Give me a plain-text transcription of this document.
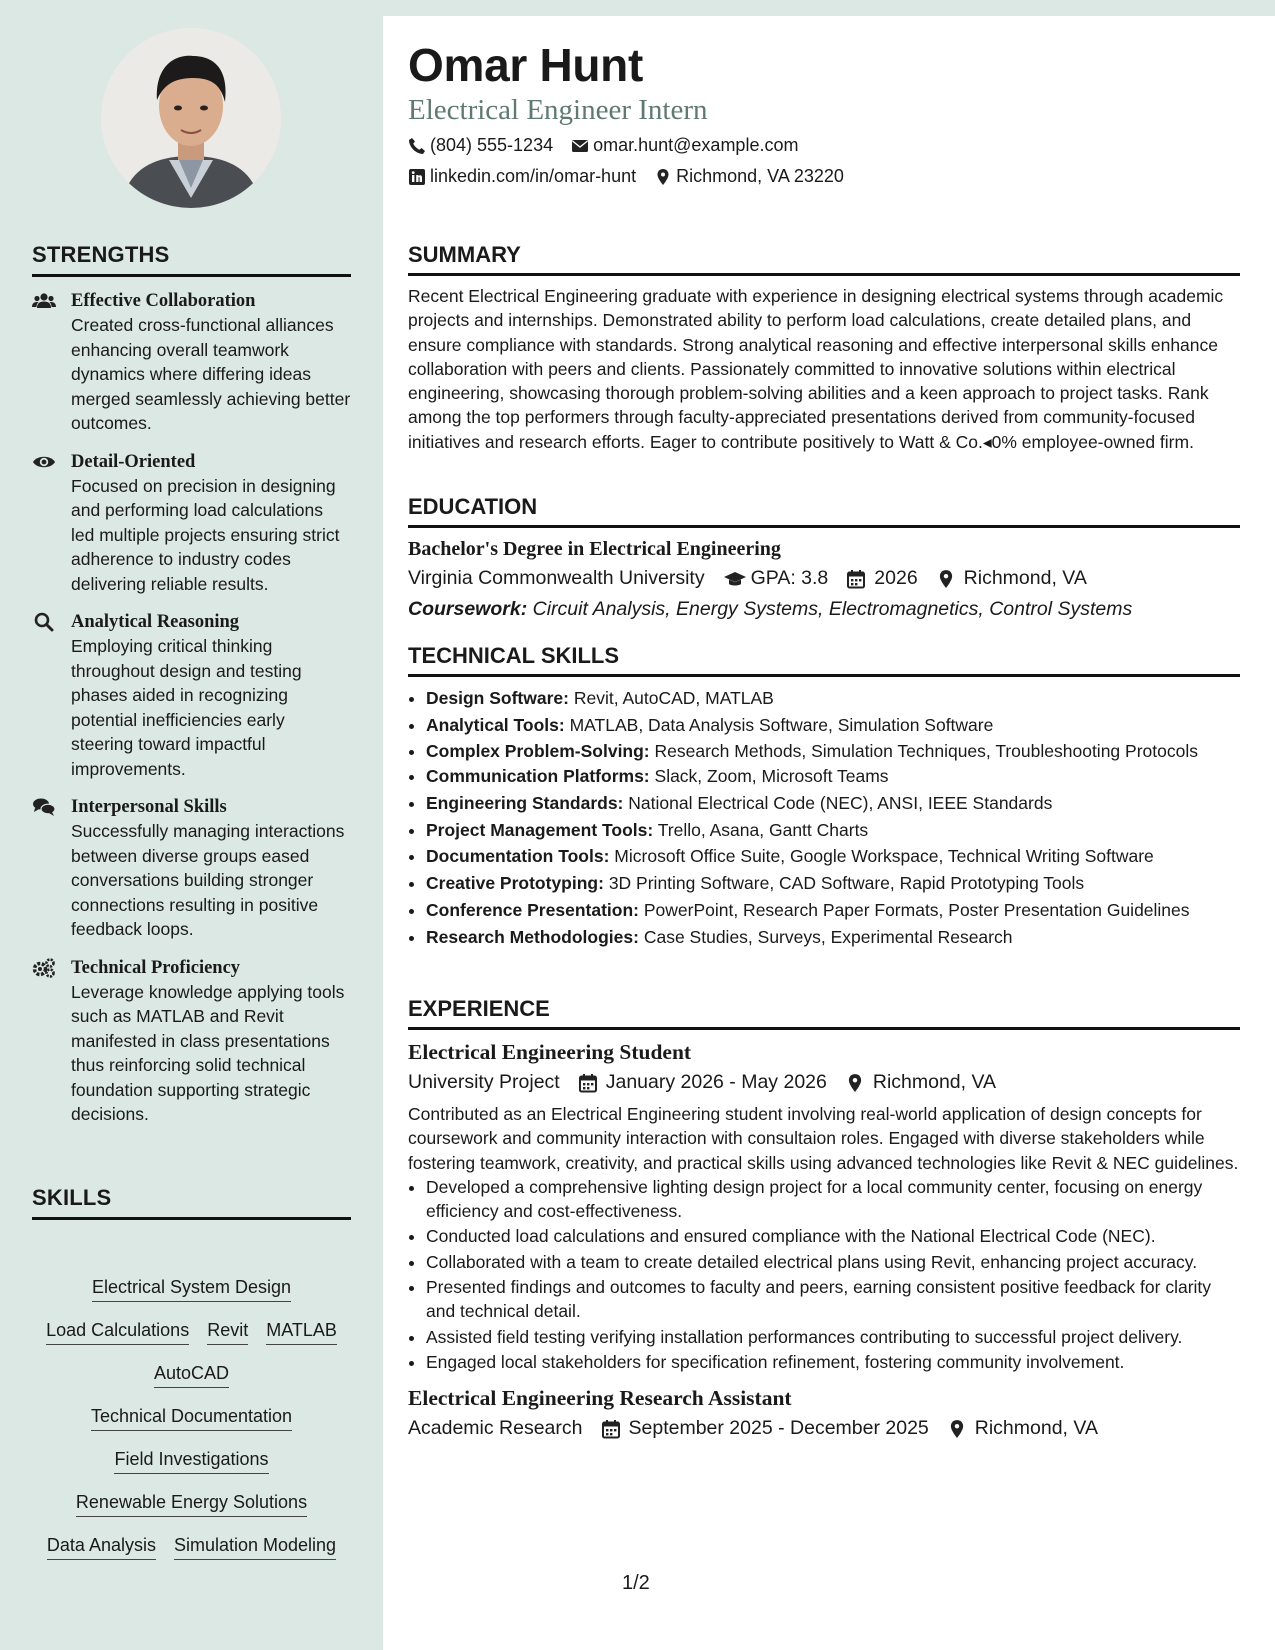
STRENGTHS
Effective Collaboration
Created cross-functional alliances enhancing overall teamwork dynamics where differing ideas merged seamlessly achieving better outcomes.
Detail-Oriented
Focused on precision in designing and performing load calculations led multiple projects ensuring strict adherence to industry codes delivering reliable results.
Analytical Reasoning
Employing critical thinking throughout design and testing phases aided in recognizing potential inefficiencies early steering toward impactful improvements.
Interpersonal Skills
Successfully managing interactions between diverse groups eased conversations building stronger connections resulting in positive feedback loops.
Technical Proficiency
Leverage knowledge applying tools such as MATLAB and Revit manifested in class presentations thus reinforcing solid technical foundation supporting strategic decisions.
SKILLS
Electrical System Design
Load Calculations Revit MATLAB
AutoCAD
Technical Documentation
Field Investigations
Renewable Energy Solutions
Data Analysis Simulation Modeling
Omar Hunt

Electrical Engineer Intern

(804) 555-1234 omar.hunt@example.com
linkedin.com/in/omar-hunt Richmond, VA 23220
SUMMARY

Recent Electrical Engineering graduate with experience in designing electrical systems through academic projects and internships. Demonstrated ability to perform load calculations, create detailed plans, and ensure compliance with standards. Strong analytical reasoning and effective interpersonal skills enhance collaboration with peers and clients. Passionately committed to innovative solutions within electrical engineering, showcasing thorough problem-solving abilities and a keen approach to project tasks. Rank among the top performers through faculty-appreciated presentations derived from community-focused initiatives and research efforts. Eager to contribute positively to Watt & Co.◂0% employee-owned firm.

EDUCATION
Bachelor's Degree in Electrical Engineering
Virginia Commonwealth University GPA: 3.8 2026 Richmond, VA
Coursework: Circuit Analysis, Energy Systems, Electromagnetics, Control Systems
TECHNICAL SKILLS
• Design Software: Revit, AutoCAD, MATLAB
• Analytical Tools: MATLAB, Data Analysis Software, Simulation Software
• Complex Problem-Solving: Research Methods, Simulation Techniques, Troubleshooting Protocols
• Communication Platforms: Slack, Zoom, Microsoft Teams
• Engineering Standards: National Electrical Code (NEC), ANSI, IEEE Standards
• Project Management Tools: Trello, Asana, Gantt Charts
• Documentation Tools: Microsoft Office Suite, Google Workspace, Technical Writing Software
• Creative Prototyping: 3D Printing Software, CAD Software, Rapid Prototyping Tools
• Conference Presentation: PowerPoint, Research Paper Formats, Poster Presentation Guidelines
• Research Methodologies: Case Studies, Surveys, Experimental Research
EXPERIENCE
Electrical Engineering Student
University Project January 2026 - May 2026 Richmond, VA

Contributed as an Electrical Engineering student involving real-world application of design concepts for coursework and community interaction with consultaion roles. Engaged with diverse stakeholders while fostering teamwork, creativity, and practical skills using advanced technologies like Revit & NEC guidelines.

• Developed a comprehensive lighting design project for a local community center, focusing on energy efficiency and cost-effectiveness.
• Conducted load calculations and ensured compliance with the National Electrical Code (NEC).
• Collaborated with a team to create detailed electrical plans using Revit, enhancing project accuracy.
• Presented findings and outcomes to faculty and peers, earning consistent positive feedback for clarity and technical detail.
• Assisted field testing verifying installation performances contributing to successful project delivery.
• Engaged local stakeholders for specification refinement, fostering community involvement.
Electrical Engineering Research Assistant
Academic Research September 2025 - December 2025 Richmond, VA
1/2
